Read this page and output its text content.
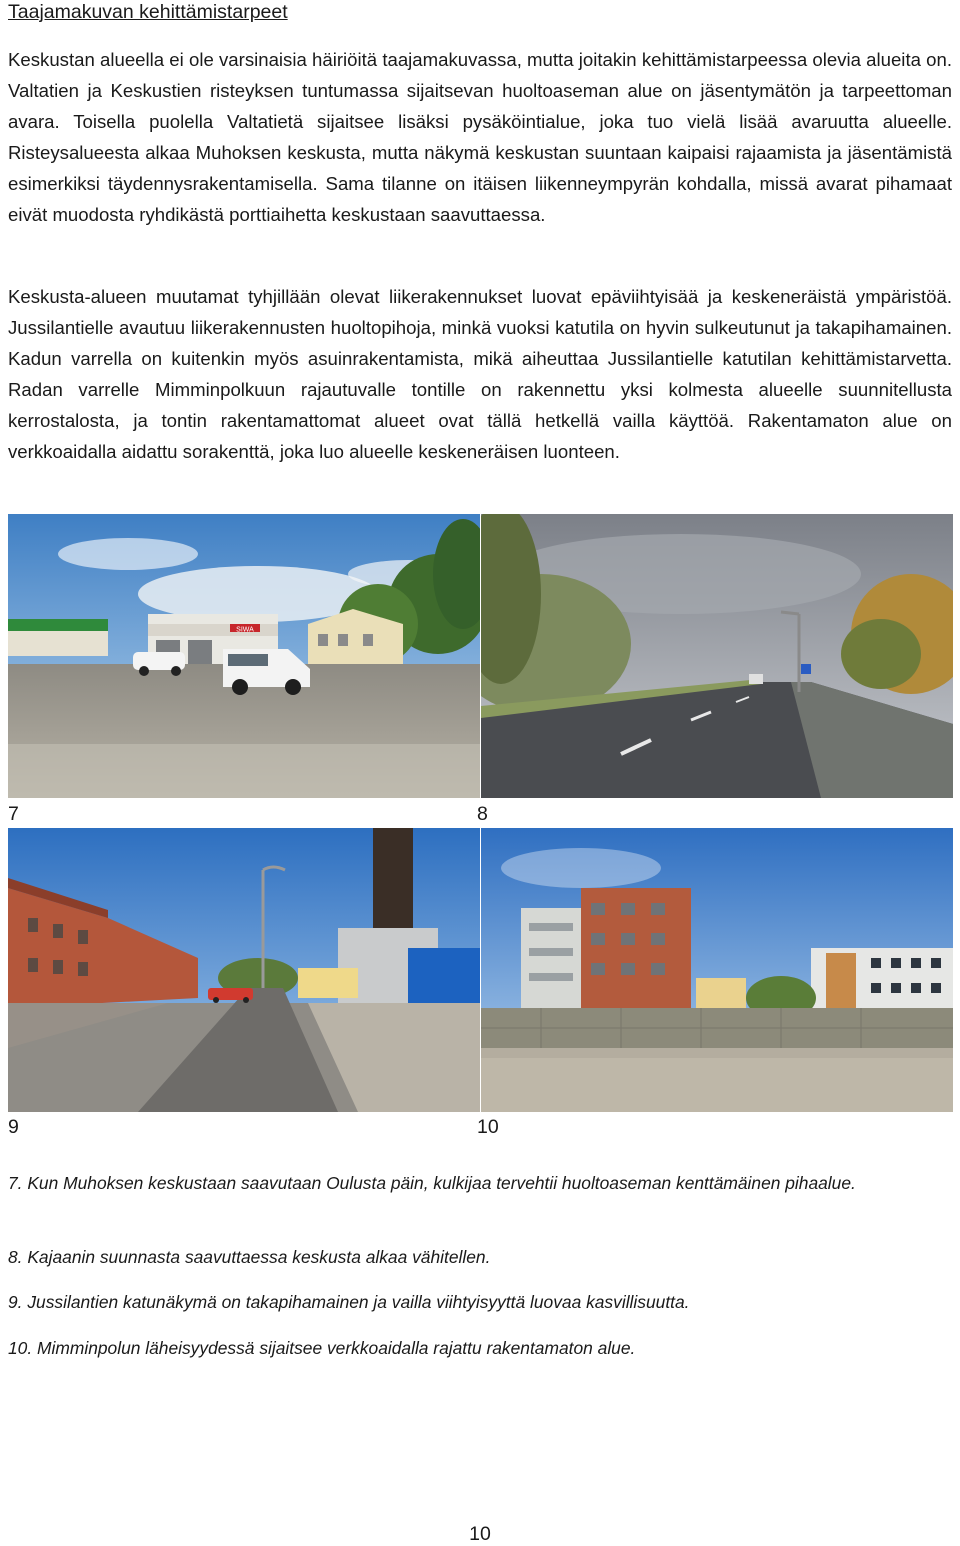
Taajamakuvan kehittämistarpeet
Keskustan alueella ei ole varsinaisia häiriöitä taajamakuvassa, mutta joitakin kehittämistarpeessa olevia alueita on. Valtatien ja Keskustien risteyksen tuntumassa sijaitsevan huoltoaseman alue on jäsentymätön ja tarpeettoman avara. Toisella puolella Valtatietä sijaitsee lisäksi pysäköintialue, joka tuo vielä lisää avaruutta alueelle. Risteysalueesta alkaa Muhoksen keskusta, mutta näkymä keskustan suuntaan kaipaisi rajaamista ja jäsentämistä esimerkiksi täydennysrakentamisella. Sama tilanne on itäisen liikenneympyrän kohdalla, missä avarat pihamaat eivät muodosta ryhdikästä porttiaihetta keskustaan saavuttaessa.
Keskusta-alueen muutamat tyhjillään olevat liikerakennukset luovat epäviihtyisää ja keskeneräistä ympäristöä. Jussilantielle avautuu liikerakennusten huoltopihoja, minkä vuoksi katutila on hyvin sulkeutunut ja takapihamainen. Kadun varrella on kuitenkin myös asuinrakentamista, mikä aiheuttaa Jussilantielle katutilan kehittämistarvetta. Radan varrelle Mimminpolkuun rajautuvalle tontille on rakennettu yksi kolmesta alueelle suunnitellusta kerrostalosta, ja tontin rakentamattomat alueet ovat tällä hetkellä vailla käyttöä. Rakentamaton alue on verkkoaidalla aidattu sorakenttä, joka luo alueelle keskeneräisen luonteen.
SIWA
7	8
9	10
7. Kun Muhoksen keskustaan saavutaan Oulusta päin, kulkijaa tervehtii huoltoaseman kenttämäinen pihaalue.
8. Kajaanin suunnasta saavuttaessa keskusta alkaa vähitellen.
9. Jussilantien katunäkymä on takapihamainen ja vailla viihtyisyyttä luovaa kasvillisuutta.
10. Mimminpolun läheisyydessä sijaitsee verkkoaidalla rajattu rakentamaton alue.
10
